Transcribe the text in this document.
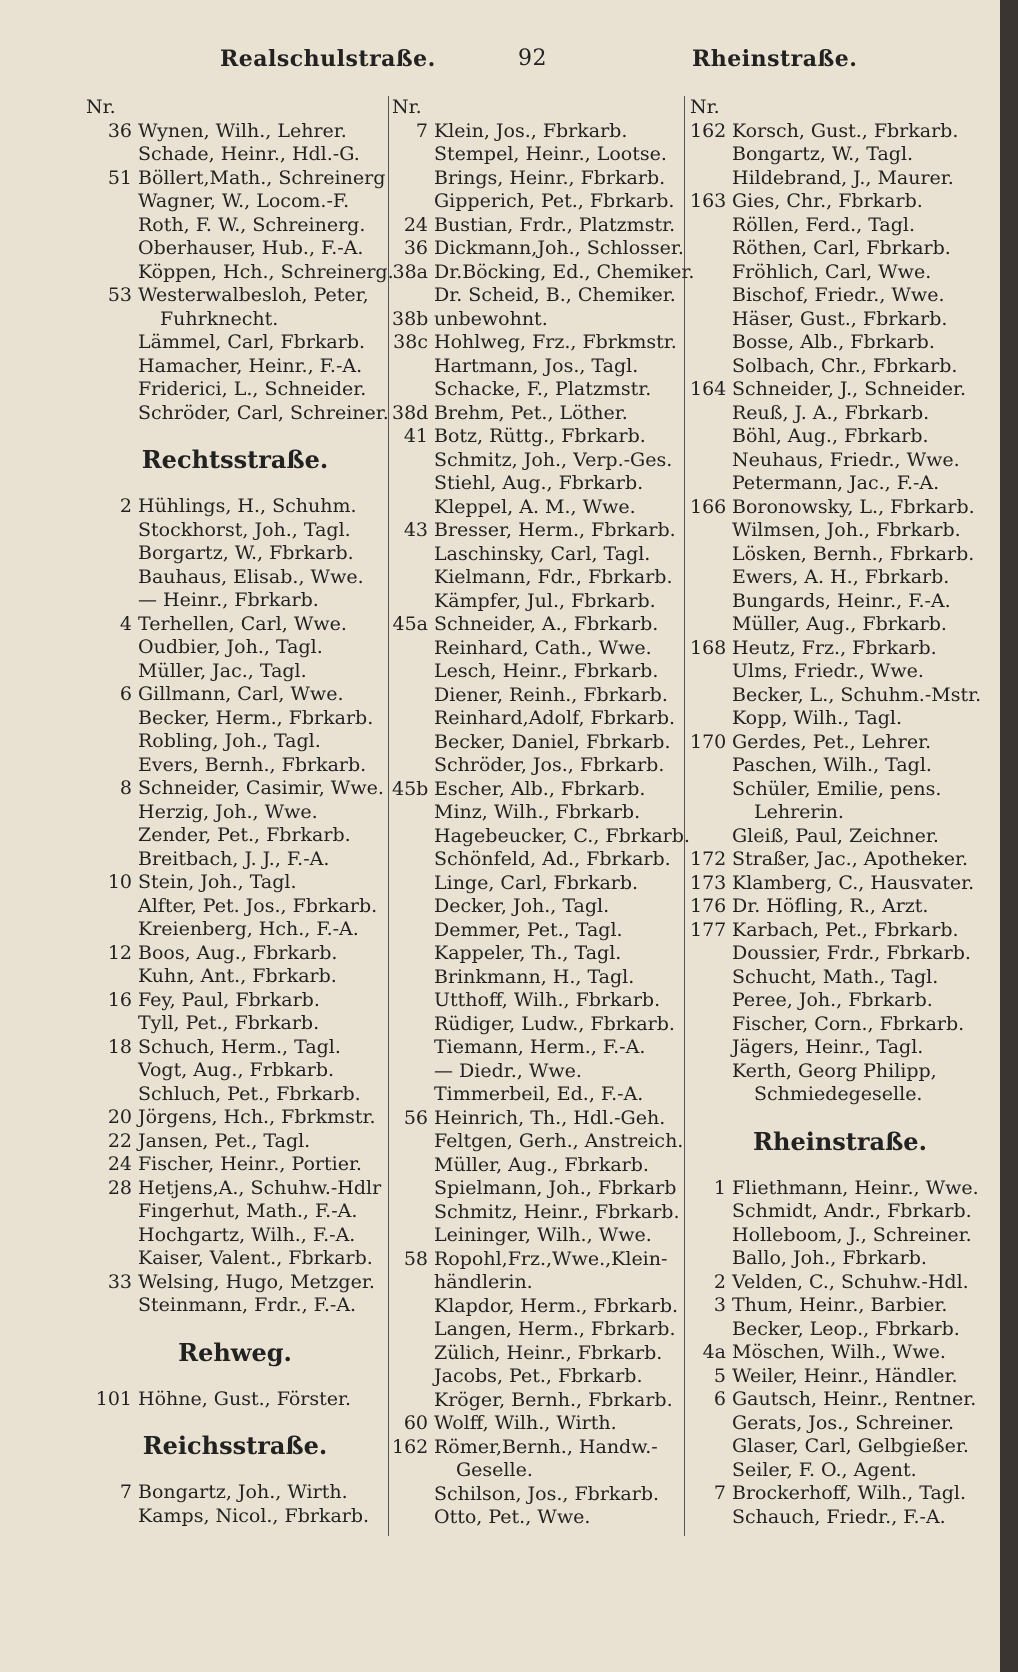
Realschulstraße.	92	Rheinstraße.
Nr.
36 Wynen, Wilh., Lehrer.
Schade, Heinr., Hdl.-G.
51 Böllert,Math., Schreinerg
Wagner, W., Locom.-F.
Roth, F. W., Schreinerg.
Oberhauser, Hub., F.-A.
Köppen, Hch., Schreinerg.
53 Westerwalbesloh, Peter,
Fuhrknecht.
Lämmel, Carl, Fbrkarb.
Hamacher, Heinr., F.-A.
Friderici, L., Schneider.
Schröder, Carl, Schreiner.
Rechtsstraße.
2 Hühlings, H., Schuhm.
Stockhorst, Joh., Tagl.
Borgartz, W., Fbrkarb.
Bauhaus, Elisab., Wwe.
— Heinr., Fbrkarb.
4 Terhellen, Carl, Wwe.
Oudbier, Joh., Tagl.
Müller, Jac., Tagl.
6 Gillmann, Carl, Wwe.
Becker, Herm., Fbrkarb.
Robling, Joh., Tagl.
Evers, Bernh., Fbrkarb.
8 Schneider, Casimir, Wwe.
Herzig, Joh., Wwe.
Zender, Pet., Fbrkarb.
Breitbach, J. J., F.-A.
10 Stein, Joh., Tagl.
Alfter, Pet. Jos., Fbrkarb.
Kreienberg, Hch., F.-A.
12 Boos, Aug., Fbrkarb.
Kuhn, Ant., Fbrkarb.
16 Fey, Paul, Fbrkarb.
Tyll, Pet., Fbrkarb.
18 Schuch, Herm., Tagl.
Vogt, Aug., Frbkarb.
Schluch, Pet., Fbrkarb.
20 Jörgens, Hch., Fbrkmstr.
22 Jansen, Pet., Tagl.
24 Fischer, Heinr., Portier.
28 Hetjens,A., Schuhw.-Hdlr
Fingerhut, Math., F.-A.
Hochgartz, Wilh., F.-A.
Kaiser, Valent., Fbrkarb.
33 Welsing, Hugo, Metzger.
Steinmann, Frdr., F.-A.
Rehweg.
101 Höhne, Gust., Förster.
Reichsstraße.
7 Bongartz, Joh., Wirth.
Kamps, Nicol., Fbrkarb.
Nr.
7 Klein, Jos., Fbrkarb.
Stempel, Heinr., Lootse.
Brings, Heinr., Fbrkarb.
Gipperich, Pet., Fbrkarb.
24 Bustian, Frdr., Platzmstr.
36 Dickmann,Joh., Schlosser.
38a Dr.Böcking, Ed., Chemiker.
Dr. Scheid, B., Chemiker.
38b unbewohnt.
38c Hohlweg, Frz., Fbrkmstr.
Hartmann, Jos., Tagl.
Schacke, F., Platzmstr.
38d Brehm, Pet., Löther.
41 Botz, Rüttg., Fbrkarb.
Schmitz, Joh., Verp.-Ges.
Stiehl, Aug., Fbrkarb.
Kleppel, A. M., Wwe.
43 Bresser, Herm., Fbrkarb.
Laschinsky, Carl, Tagl.
Kielmann, Fdr., Fbrkarb.
Kämpfer, Jul., Fbrkarb.
45a Schneider, A., Fbrkarb.
Reinhard, Cath., Wwe.
Lesch, Heinr., Fbrkarb.
Diener, Reinh., Fbrkarb.
Reinhard,Adolf, Fbrkarb.
Becker, Daniel, Fbrkarb.
Schröder, Jos., Fbrkarb.
45b Escher, Alb., Fbrkarb.
Minz, Wilh., Fbrkarb.
Hagebeucker, C., Fbrkarb.
Schönfeld, Ad., Fbrkarb.
Linge, Carl, Fbrkarb.
Decker, Joh., Tagl.
Demmer, Pet., Tagl.
Kappeler, Th., Tagl.
Brinkmann, H., Tagl.
Utthoff, Wilh., Fbrkarb.
Rüdiger, Ludw., Fbrkarb.
Tiemann, Herm., F.-A.
— Diedr., Wwe.
Timmerbeil, Ed., F.-A.
56 Heinrich, Th., Hdl.-Geh.
Feltgen, Gerh., Anstreich.
Müller, Aug., Fbrkarb.
Spielmann, Joh., Fbrkarb
Schmitz, Heinr., Fbrkarb.
Leininger, Wilh., Wwe.
58 Ropohl,Frz.,Wwe.,Klein-
händlerin.
Klapdor, Herm., Fbrkarb.
Langen, Herm., Fbrkarb.
Zülich, Heinr., Fbrkarb.
Jacobs, Pet., Fbrkarb.
Kröger, Bernh., Fbrkarb.
60 Wolff, Wilh., Wirth.
162 Römer,Bernh., Handw.-
Geselle.
Schilson, Jos., Fbrkarb.
Otto, Pet., Wwe.
Nr.
162 Korsch, Gust., Fbrkarb.
Bongartz, W., Tagl.
Hildebrand, J., Maurer.
163 Gies, Chr., Fbrkarb.
Röllen, Ferd., Tagl.
Röthen, Carl, Fbrkarb.
Fröhlich, Carl, Wwe.
Bischof, Friedr., Wwe.
Häser, Gust., Fbrkarb.
Bosse, Alb., Fbrkarb.
Solbach, Chr., Fbrkarb.
164 Schneider, J., Schneider.
Reuß, J. A., Fbrkarb.
Böhl, Aug., Fbrkarb.
Neuhaus, Friedr., Wwe.
Petermann, Jac., F.-A.
166 Boronowsky, L., Fbrkarb.
Wilmsen, Joh., Fbrkarb.
Lösken, Bernh., Fbrkarb.
Ewers, A. H., Fbrkarb.
Bungards, Heinr., F.-A.
Müller, Aug., Fbrkarb.
168 Heutz, Frz., Fbrkarb.
Ulms, Friedr., Wwe.
Becker, L., Schuhm.-Mstr.
Kopp, Wilh., Tagl.
170 Gerdes, Pet., Lehrer.
Paschen, Wilh., Tagl.
Schüler, Emilie, pens.
Lehrerin.
Gleiß, Paul, Zeichner.
172 Straßer, Jac., Apotheker.
173 Klamberg, C., Hausvater.
176 Dr. Höfling, R., Arzt.
177 Karbach, Pet., Fbrkarb.
Doussier, Frdr., Fbrkarb.
Schucht, Math., Tagl.
Peree, Joh., Fbrkarb.
Fischer, Corn., Fbrkarb.
Jägers, Heinr., Tagl.
Kerth, Georg Philipp,
Schmiedegeselle.
Rheinstraße.
1 Fliethmann, Heinr., Wwe.
Schmidt, Andr., Fbrkarb.
Holleboom, J., Schreiner.
Ballo, Joh., Fbrkarb.
2 Velden, C., Schuhw.-Hdl.
3 Thum, Heinr., Barbier.
Becker, Leop., Fbrkarb.
4a Möschen, Wilh., Wwe.
5 Weiler, Heinr., Händler.
6 Gautsch, Heinr., Rentner.
Gerats, Jos., Schreiner.
Glaser, Carl, Gelbgießer.
Seiler, F. O., Agent.
7 Brockerhoff, Wilh., Tagl.
Schauch, Friedr., F.-A.
